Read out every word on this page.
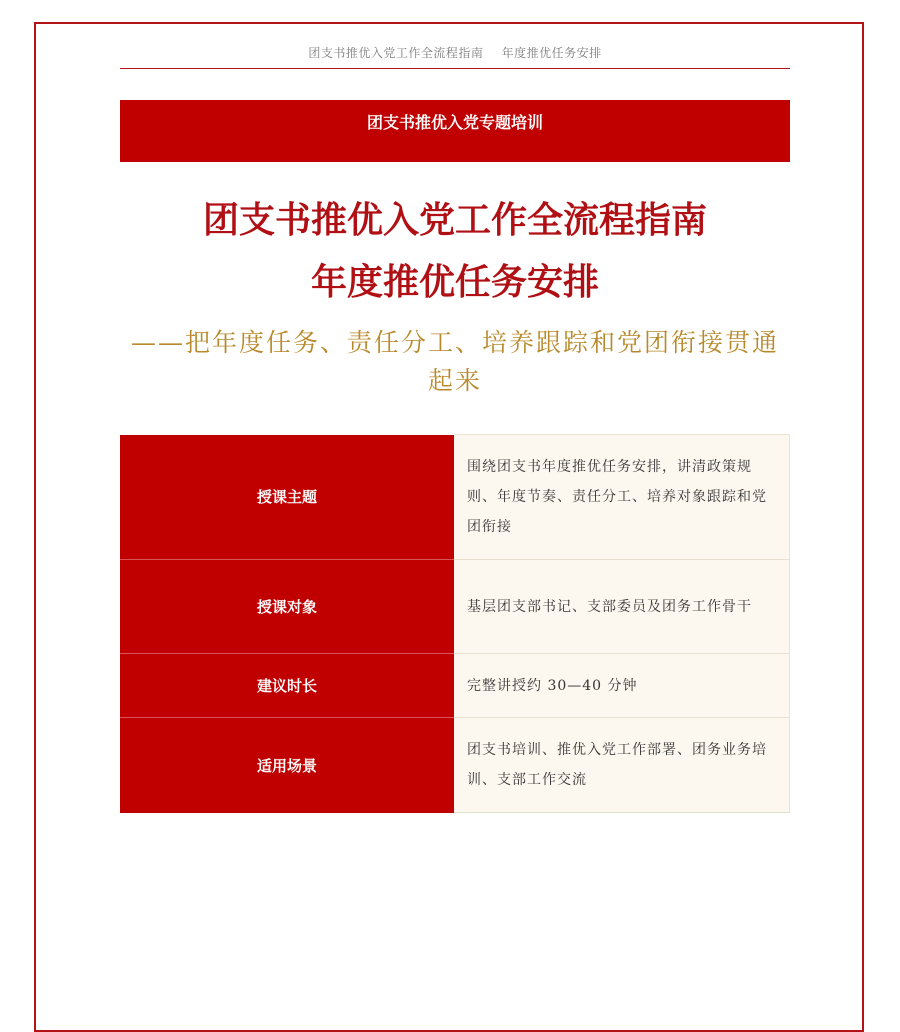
团支书推优入党工作全流程指南 年度推优任务安排
团支书推优入党专题培训
团支书推优入党工作全流程指南
年度推优任务安排
——把年度任务、责任分工、培养跟踪和党团衔接贯通起来
授课主题	围绕团支书年度推优任务安排，讲清政策规则、年度节奏、责任分工、培养对象跟踪和党团衔接
授课对象	基层团支部书记、支部委员及团务工作骨干
建议时长	完整讲授约 30—40 分钟
适用场景	团支书培训、推优入党工作部署、团务业务培训、支部工作交流
